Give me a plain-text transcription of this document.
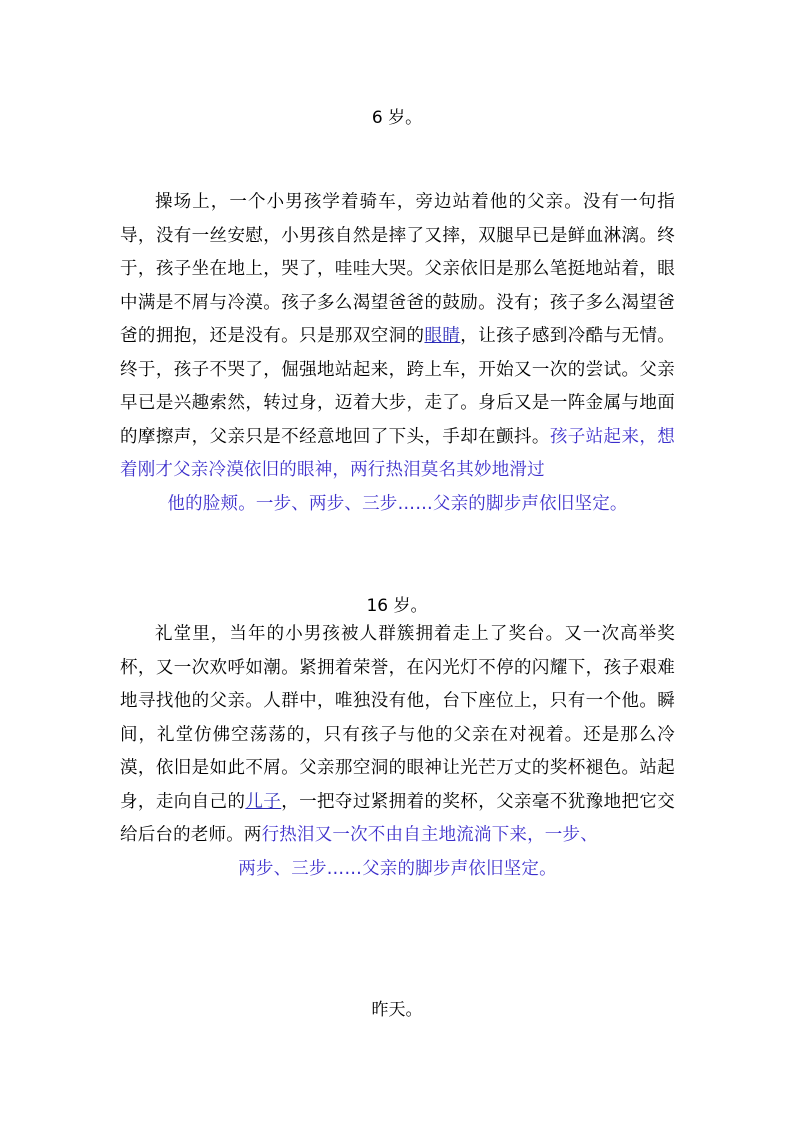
6 岁。
操场上，一个小男孩学着骑车，旁边站着他的父亲。没有一句指导，没有一丝安慰，小男孩自然是摔了又摔，双腿早已是鲜血淋漓。终于，孩子坐在地上，哭了，哇哇大哭。父亲依旧是那么笔挺地站着，眼中满是不屑与冷漠。孩子多么渴望爸爸的鼓励。没有；孩子多么渴望爸爸的拥抱，还是没有。只是那双空洞的眼睛，让孩子感到冷酷与无情。终于，孩子不哭了，倔强地站起来，跨上车，开始又一次的尝试。父亲早已是兴趣索然，转过身，迈着大步，走了。身后又是一阵金属与地面的摩擦声，父亲只是不经意地回了下头，手却在颤抖。孩子站起来，想着刚才父亲冷漠依旧的眼神，两行热泪莫名其妙地滑过
他的脸颊。一步、两步、三步……父亲的脚步声依旧坚定。
16 岁。
礼堂里，当年的小男孩被人群簇拥着走上了奖台。又一次高举奖杯，又一次欢呼如潮。紧拥着荣誉，在闪光灯不停的闪耀下，孩子艰难地寻找他的父亲。人群中，唯独没有他，台下座位上，只有一个他。瞬间，礼堂仿佛空荡荡的，只有孩子与他的父亲在对视着。还是那么冷漠，依旧是如此不屑。父亲那空洞的眼神让光芒万丈的奖杯褪色。站起身，走向自己的儿子，一把夺过紧拥着的奖杯，父亲毫不犹豫地把它交给后台的老师。两行热泪又一次不由自主地流淌下来，一步、
两步、三步……父亲的脚步声依旧坚定。
昨天。
